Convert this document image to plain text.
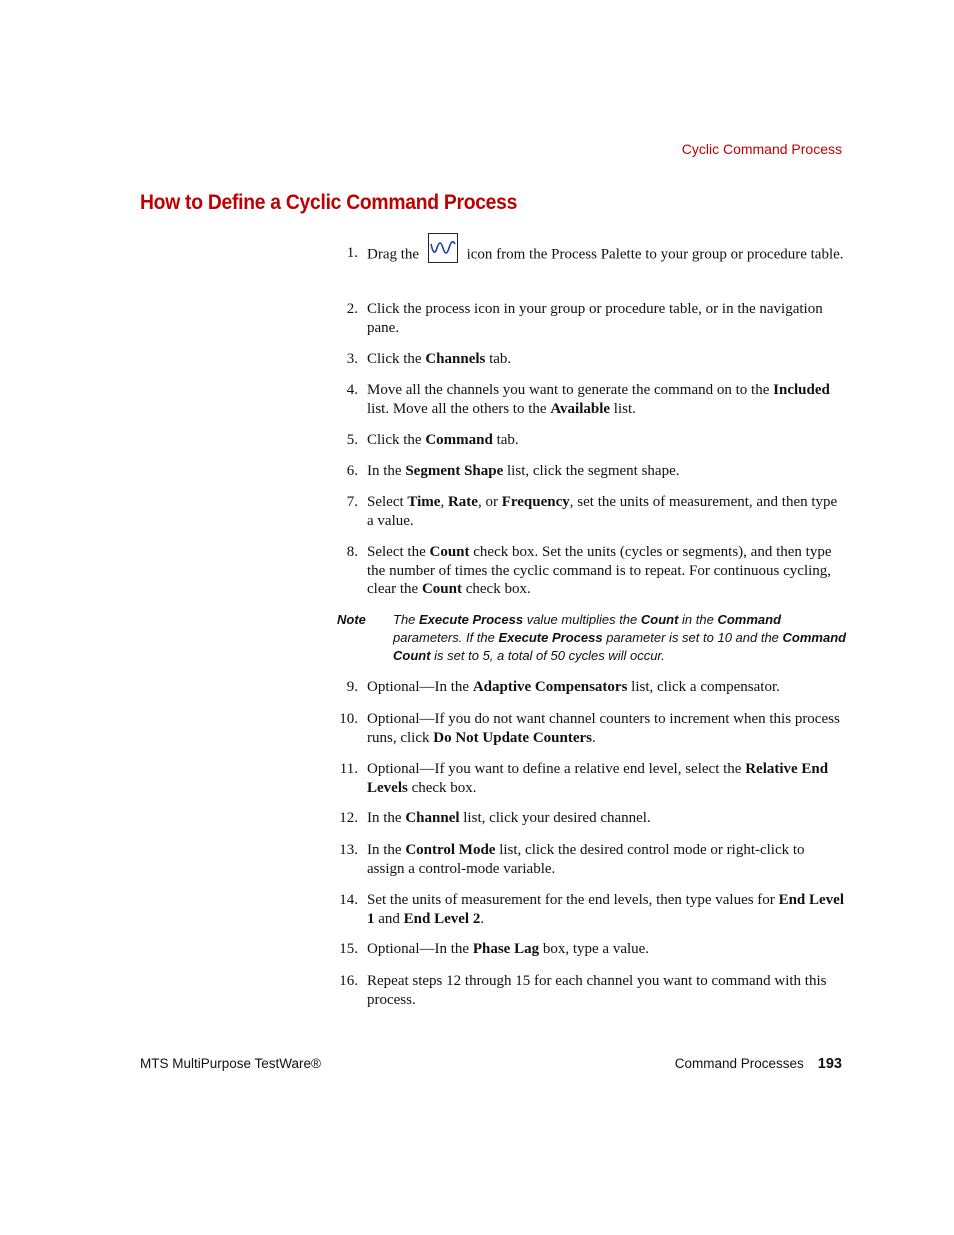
Cyclic Command Process
How to Define a Cyclic Command Process
1. Drag the	icon from the Process Palette to your group or procedure table.
2. Click the process icon in your group or procedure table, or in the navigation pane.
3. Click the Channels tab.
4. Move all the channels you want to generate the command on to the Included list. Move all the others to the Available list.
5. Click the Command tab.
6. In the Segment Shape list, click the segment shape.
7. Select Time, Rate, or Frequency, set the units of measurement, and then type a value.
8. Select the Count check box. Set the units (cycles or segments), and then type the number of times the cyclic command is to repeat. For continuous cycling, clear the Count check box.
9. Optional—In the Adaptive Compensators list, click a compensator.
10. Optional—If you do not want channel counters to increment when this process runs, click Do Not Update Counters.
11. Optional—If you want to define a relative end level, select the Relative End Levels check box.
12. In the Channel list, click your desired channel.
13. In the Control Mode list, click the desired control mode or right-click to assign a control-mode variable.
14. Set the units of measurement for the end levels, then type values for End Level 1 and End Level 2.
15. Optional—In the Phase Lag box, type a value.
16. Repeat steps 12 through 15 for each channel you want to command with this process.
Note The Execute Process value multiplies the Count in the Command parameters. If the Execute Process parameter is set to 10 and the Command Count is set to 5, a total of 50 cycles will occur.
MTS MultiPurpose TestWare®	Command Processes 193
